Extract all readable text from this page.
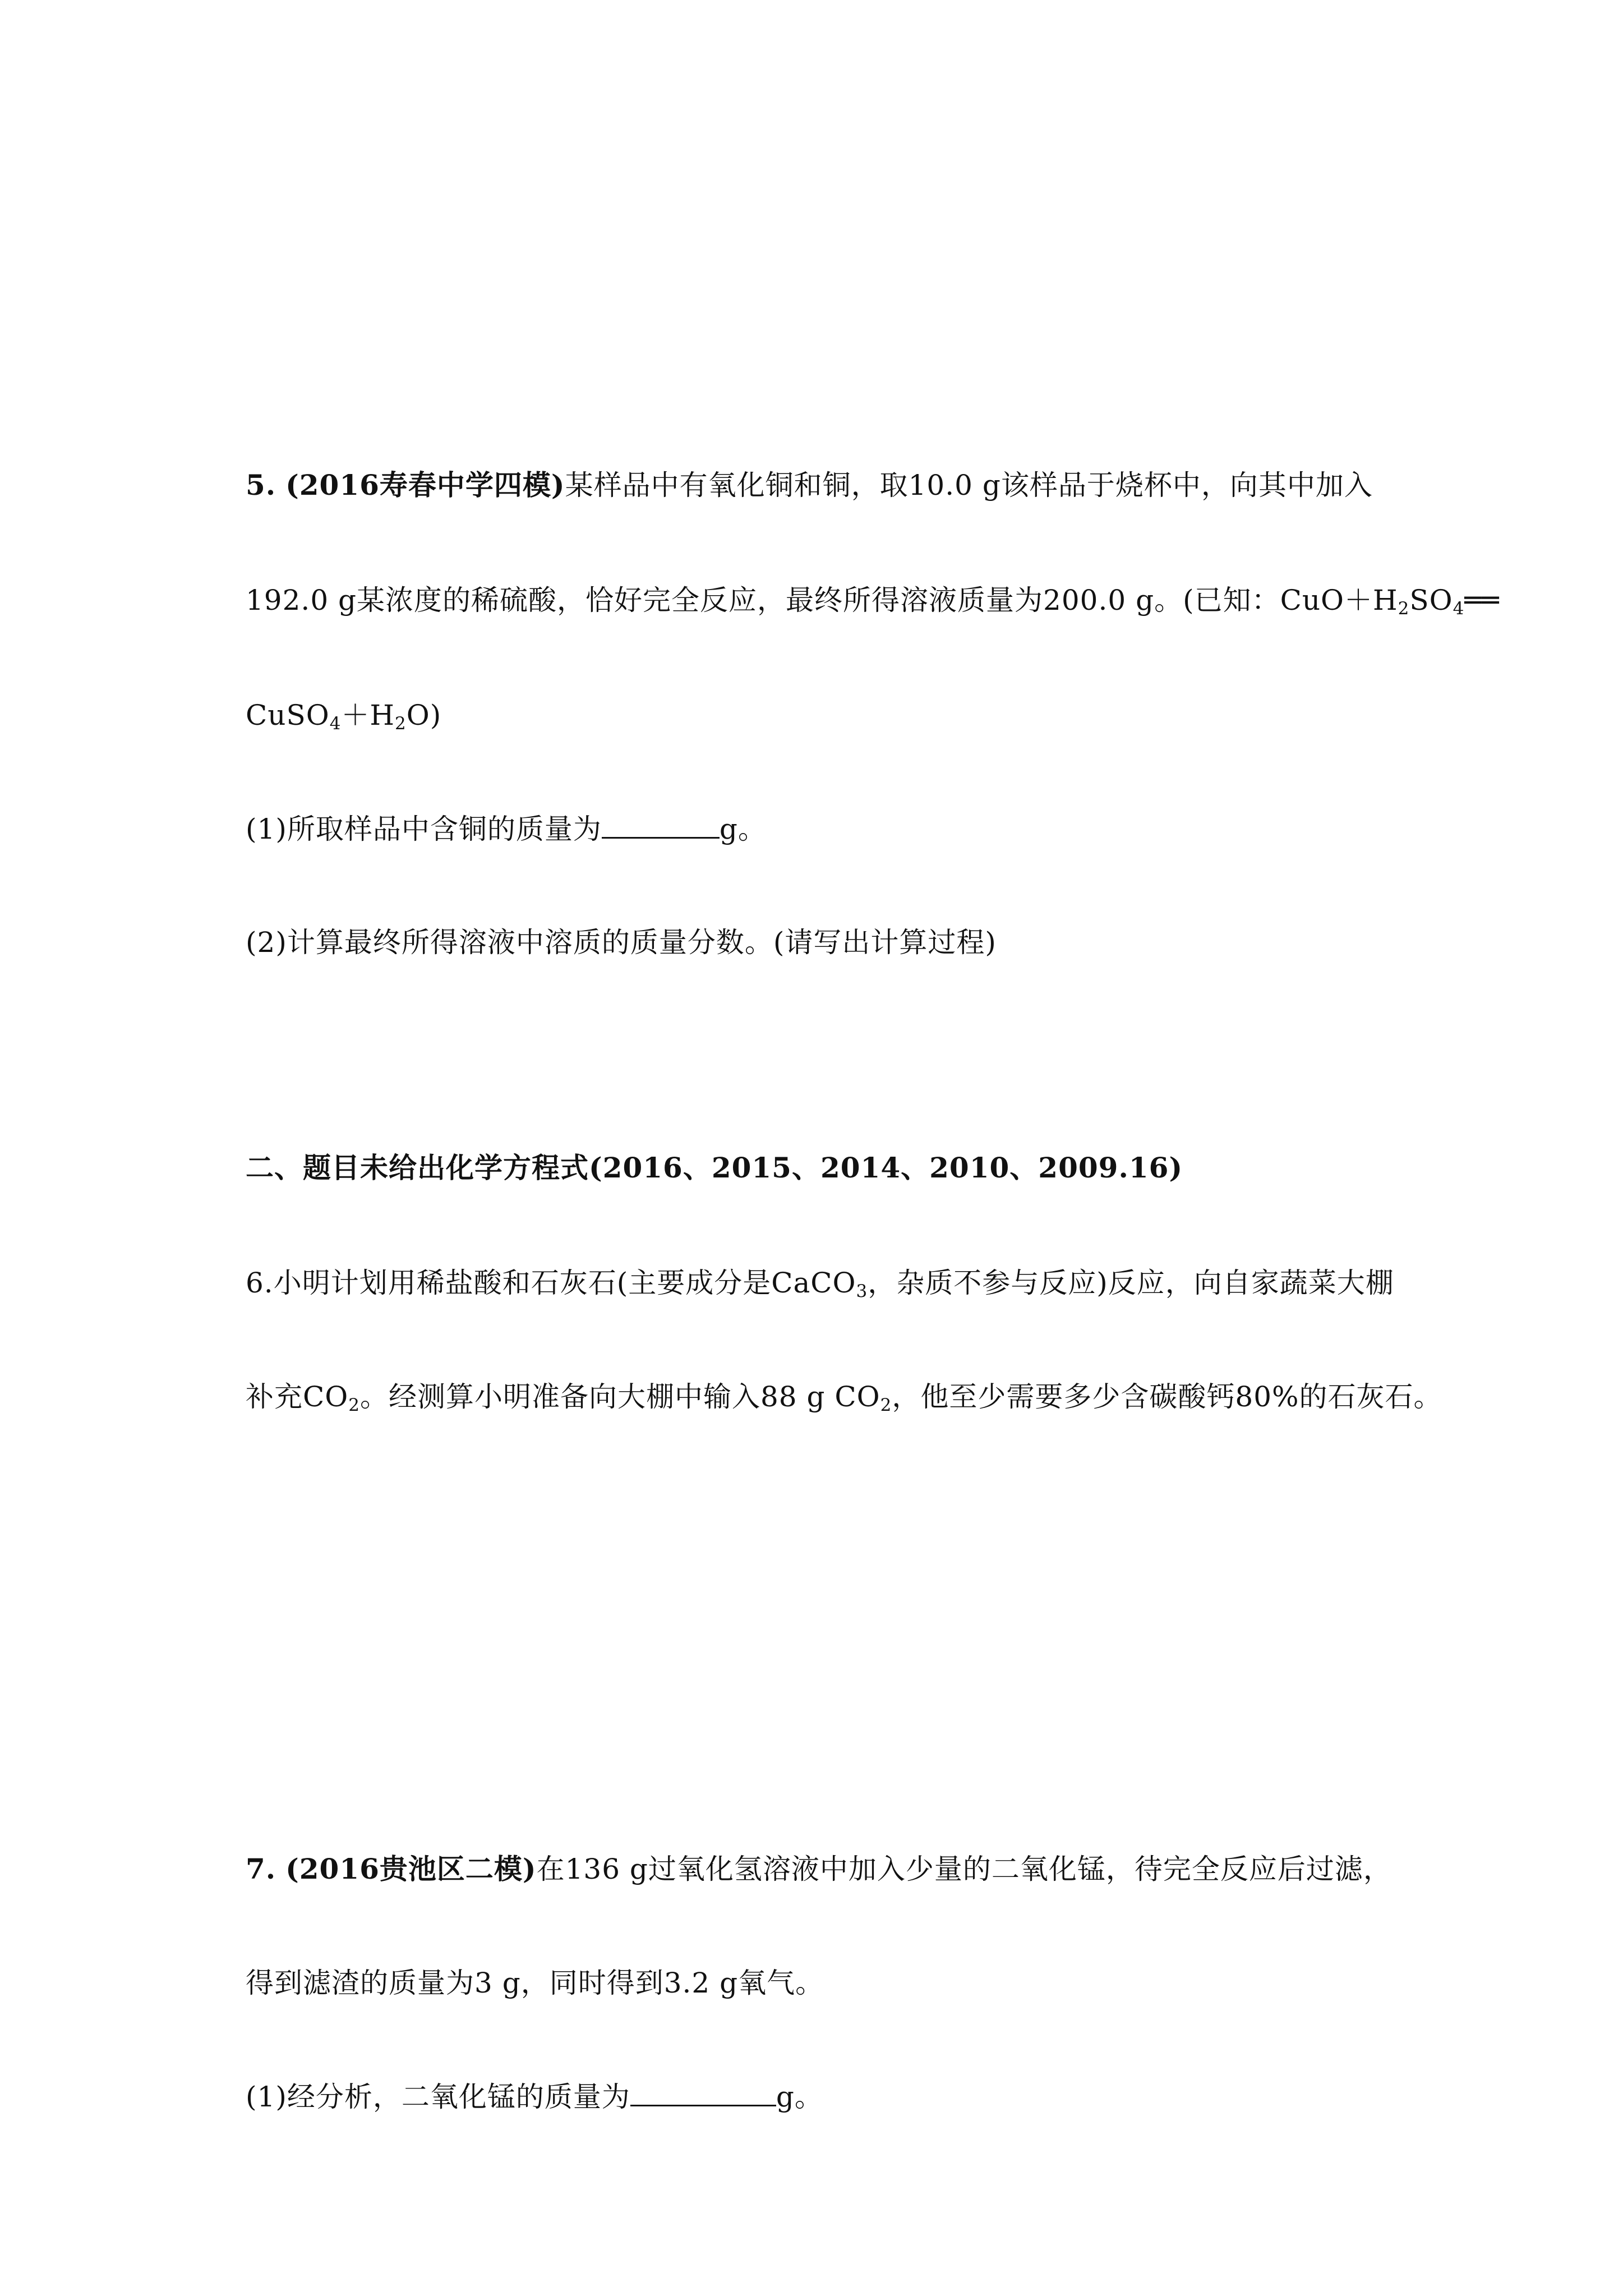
5. (2016寿春中学四模)某样品中有氧化铜和铜，取10.0 g该样品于烧杯中，向其中加入
192.0 g某浓度的稀硫酸，恰好完全反应，最终所得溶液质量为200.0 g。(已知：$CuO+H_2SO_4══$
$CuSO_4+H_2O$)
(1)所取样品中含铜的质量为	g。
(2)计算最终所得溶液中溶质的质量分数。(请写出计算过程)
二、题目未给出化学方程式(2016、2015、2014、2010、2009.16)
6.小明计划用稀盐酸和石灰石(主要成分是CaCO$_3$，杂质不参与反应)反应，向自家蔬菜大棚
补充$CO_2$。经测算小明准备向大棚中输入88 g $CO_2$，他至少需要多少含碳酸钙80%的石灰石。
7. (2016贵池区二模)在136 g过氧化氢溶液中加入少量的二氧化锰，待完全反应后过滤，
得到滤渣的质量为3 g，同时得到3.2 g氧气。
(1)经分析，二氧化锰的质量为	g。
